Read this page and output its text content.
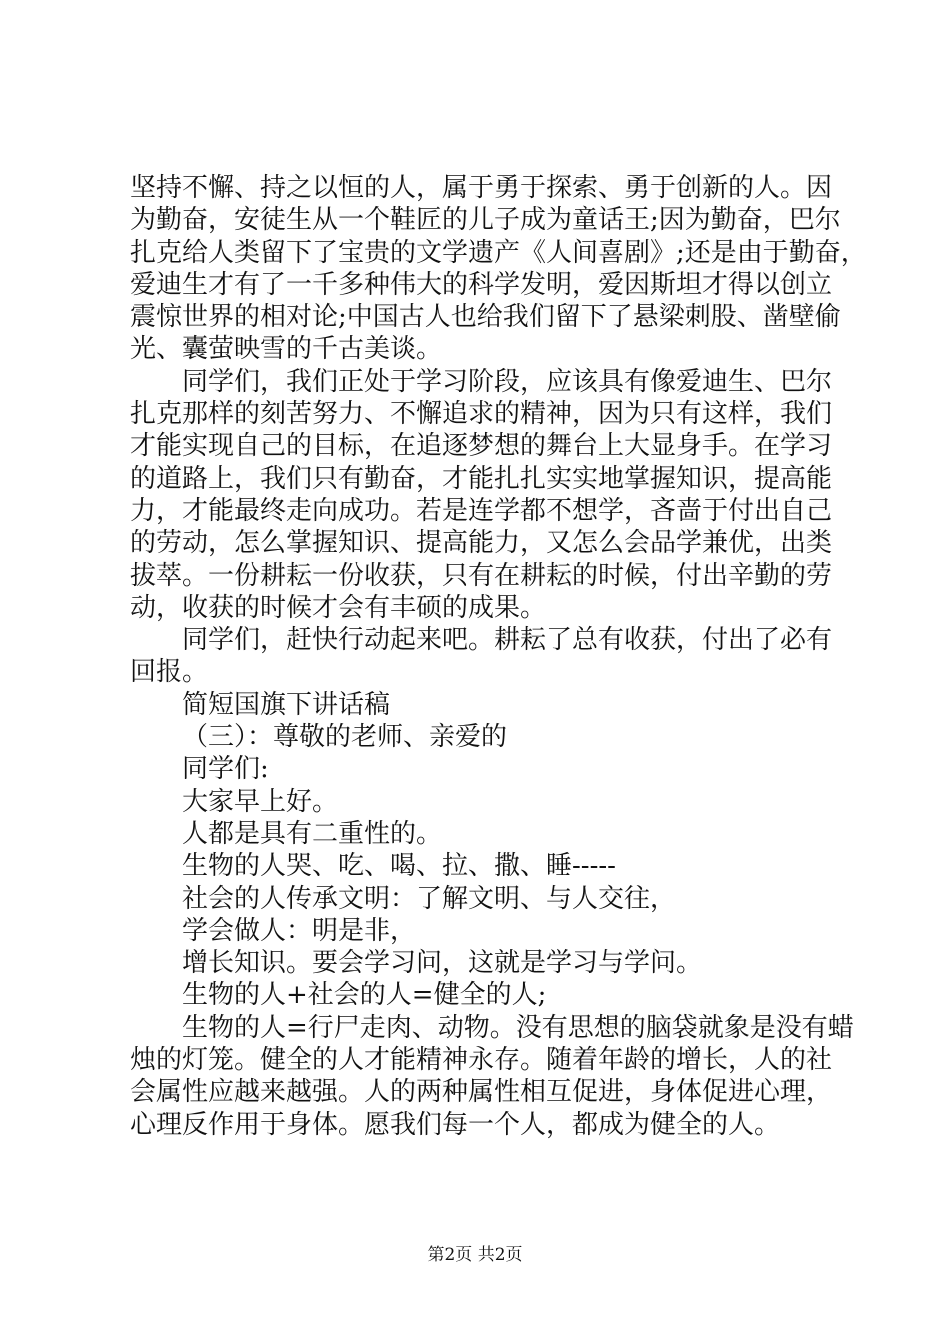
坚持不懈、持之以恒的人，属于勇于探索、勇于创新的人。因
为勤奋，安徒生从一个鞋匠的儿子成为童话王;因为勤奋，巴尔
扎克给人类留下了宝贵的文学遗产《人间喜剧》;还是由于勤奋，
爱迪生才有了一千多种伟大的科学发明，爱因斯坦才得以创立
震惊世界的相对论;中国古人也给我们留下了悬梁刺股、凿壁偷
光、囊萤映雪的千古美谈。
同学们，我们正处于学习阶段，应该具有像爱迪生、巴尔
扎克那样的刻苦努力、不懈追求的精神，因为只有这样，我们
才能实现自己的目标，在追逐梦想的舞台上大显身手。在学习
的道路上，我们只有勤奋，才能扎扎实实地掌握知识，提高能
力，才能最终走向成功。若是连学都不想学，吝啬于付出自己
的劳动，怎么掌握知识、提高能力，又怎么会品学兼优，出类
拔萃。一份耕耘一份收获，只有在耕耘的时候，付出辛勤的劳
动，收获的时候才会有丰硕的成果。
同学们，赶快行动起来吧。耕耘了总有收获，付出了必有
回报。
简短国旗下讲话稿
（三）：尊敬的老师、亲爱的
同学们:
大家早上好。
人都是具有二重性的。
生物的人哭、吃、喝、拉、撒、睡-----
社会的人传承文明：了解文明、与人交往，
学会做人：明是非，
增长知识。要会学习问，这就是学习与学问。
生物的人+社会的人=健全的人;
生物的人=行尸走肉、动物。没有思想的脑袋就象是没有蜡
烛的灯笼。健全的人才能精神永存。随着年龄的增长，人的社
会属性应越来越强。人的两种属性相互促进，身体促进心理，
心理反作用于身体。愿我们每一个人，都成为健全的人。
第2页 共2页
